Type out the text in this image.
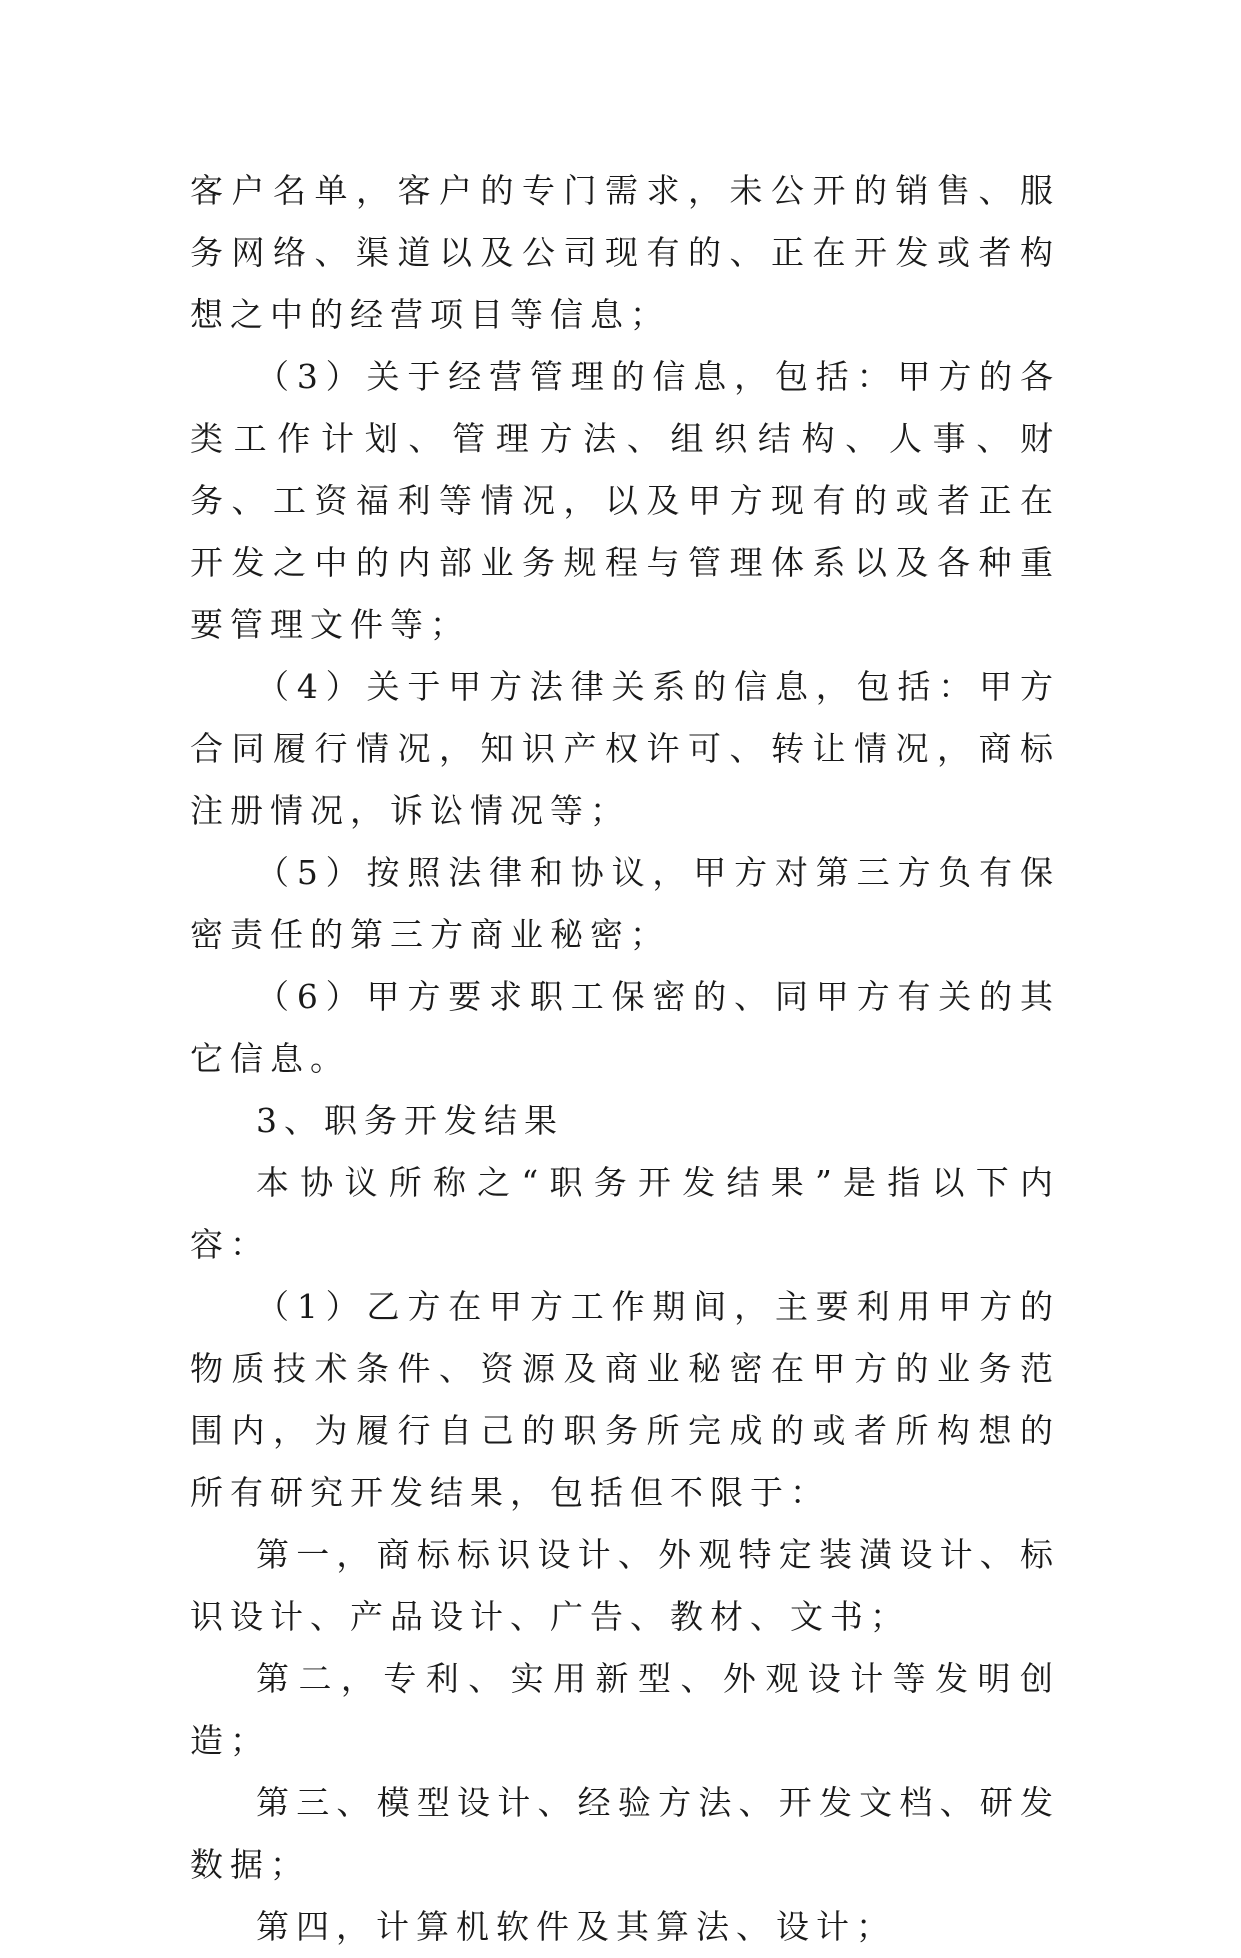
客户名单，客户的专门需求，未公开的销售、服务网络、渠道以及公司现有的、正在开发或者构想之中的经营项目等信息；

（3）关于经营管理的信息，包括：甲方的各类工作计划、管理方法、组织结构、人事、财务、工资福利等情况，以及甲方现有的或者正在开发之中的内部业务规程与管理体系以及各种重要管理文件等；

（4）关于甲方法律关系的信息，包括：甲方合同履行情况，知识产权许可、转让情况，商标注册情况，诉讼情况等；

（5）按照法律和协议，甲方对第三方负有保密责任的第三方商业秘密；

（6）甲方要求职工保密的、同甲方有关的其它信息。

3、职务开发结果

本协议所称之“职务开发结果”是指以下内容：

（1）乙方在甲方工作期间，主要利用甲方的物质技术条件、资源及商业秘密在甲方的业务范围内，为履行自己的职务所完成的或者所构想的所有研究开发结果，包括但不限于：

第一，商标标识设计、外观特定装潢设计、标识设计、产品设计、广告、教材、文书；

第二，专利、实用新型、外观设计等发明创造；

第三、模型设计、经验方法、开发文档、研发数据；

第四，计算机软件及其算法、设计；
